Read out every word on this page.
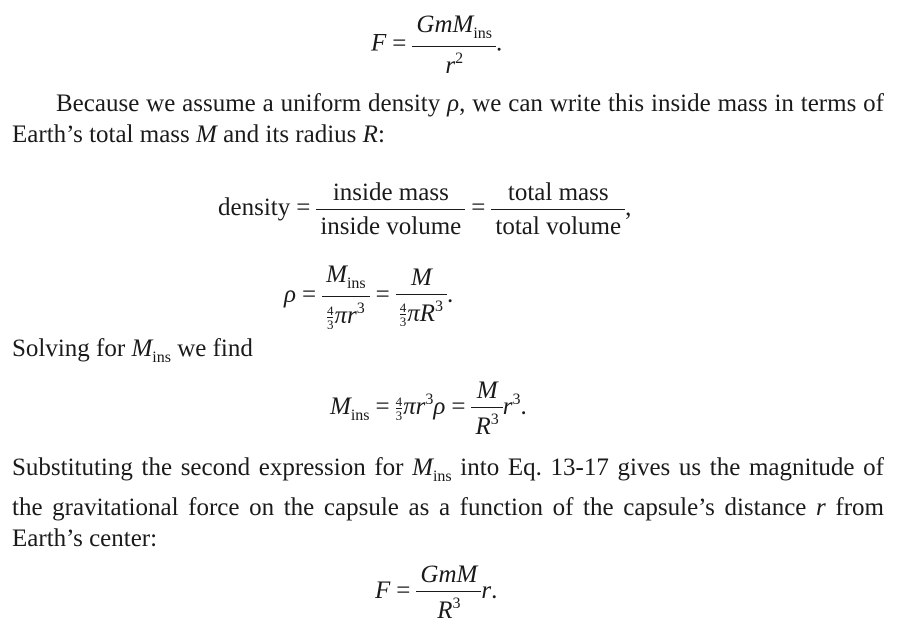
$F = \frac{GmM_{ins}}{r^2}$ .
Because we assume a uniform density ρ, we can write this inside mass in terms of Earth’s total mass M and its radius R:
density = $\frac{\text{inside mass}}{\text{inside volume}} = \frac{\text{total mass}}{\text{total volume}}$ ,
$\rho = \frac{M_{ins}}{\frac{4}{3} \pi r^3} = \frac{M}{\frac{4}{3} \pi R^3}$ .
Solving for $M_{ins}$ we find
$M_{ins} = \frac{4}{3} \pi r^3\rho = \frac{M}{R^3} r^3$.
Substituting the second expression for $M_{ins}$ into Eq. 13-17 gives us the magnitude of the gravitational force on the capsule as a function of the capsule’s distance r from Earth’s center:
$F = \frac{\text{GmM}}{R^3} r$.
